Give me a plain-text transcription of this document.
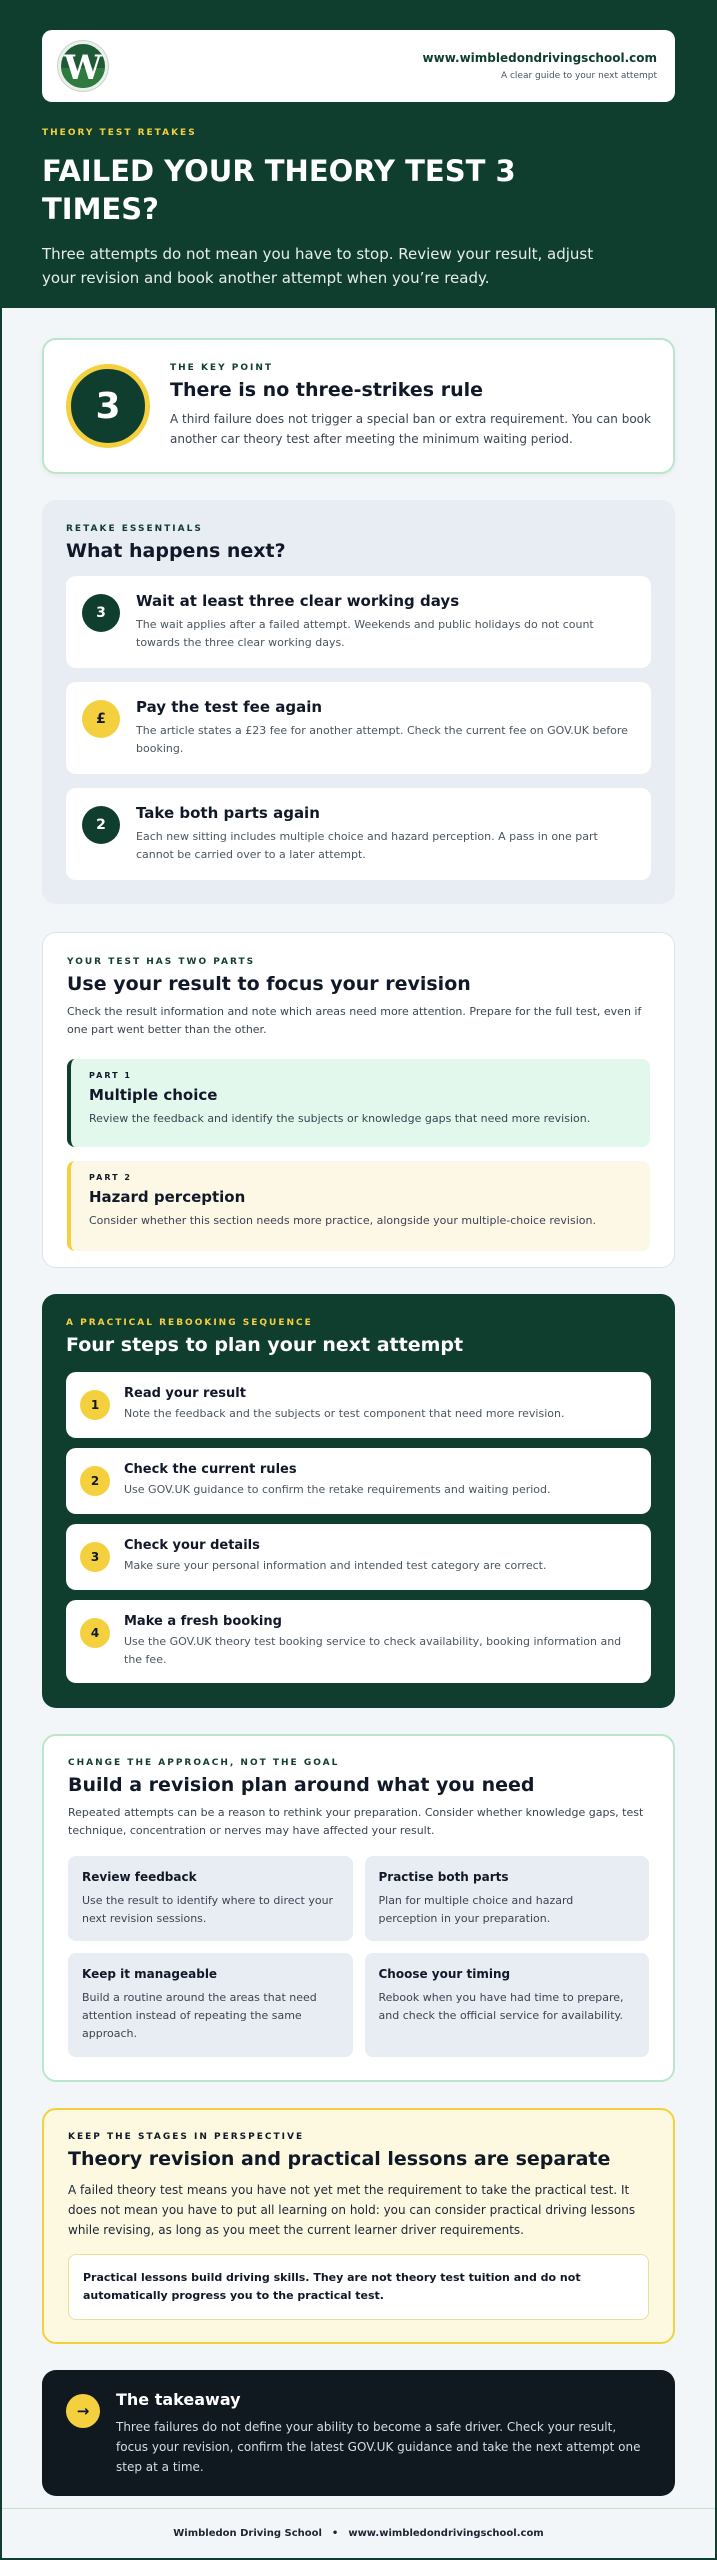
W	www.wimbledondrivingschool.com
A clear guide to your next attempt
THEORY TEST RETAKES
FAILED YOUR THEORY TEST 3 TIMES?

Three attempts do not mean you have to stop. Review your result, adjust your revision and book another attempt when you’re ready.

3
THE KEY POINT
There is no three-strikes rule

A third failure does not trigger a special ban or extra requirement. You can book another car theory test after meeting the minimum waiting period.

RETAKE ESSENTIALS
What happens next?
3
Wait at least three clear working days

The wait applies after a failed attempt. Weekends and public holidays do not count towards the three clear working days.

£
Pay the test fee again

The article states a £23 fee for another attempt. Check the current fee on GOV.UK before booking.

2
Take both parts again

Each new sitting includes multiple choice and hazard perception. A pass in one part cannot be carried over to a later attempt.

YOUR TEST HAS TWO PARTS
Use your result to focus your revision

Check the result information and note which areas need more attention. Prepare for the full test, even if one part went better than the other.

PART 1
Multiple choice

Review the feedback and identify the subjects or knowledge gaps that need more revision.

PART 2
Hazard perception

Consider whether this section needs more practice, alongside your multiple-choice revision.

A PRACTICAL REBOOKING SEQUENCE
Four steps to plan your next attempt
1
Read your result

Note the feedback and the subjects or test component that need more revision.

2
Check the current rules

Use GOV.UK guidance to confirm the retake requirements and waiting period.

3
Check your details

Make sure your personal information and intended test category are correct.

4
Make a fresh booking

Use the GOV.UK theory test booking service to check availability, booking information and the fee.

CHANGE THE APPROACH, NOT THE GOAL
Build a revision plan around what you need

Repeated attempts can be a reason to rethink your preparation. Consider whether knowledge gaps, test technique, concentration or nerves may have affected your result.

Review feedback

Use the result to identify where to direct your next revision sessions.

Practise both parts

Plan for multiple choice and hazard perception in your preparation.

Keep it manageable

Build a routine around the areas that need attention instead of repeating the same approach.

Choose your timing

Rebook when you have had time to prepare, and check the official service for availability.

KEEP THE STAGES IN PERSPECTIVE
Theory revision and practical lessons are separate

A failed theory test means you have not yet met the requirement to take the practical test. It does not mean you have to put all learning on hold: you can consider practical driving lessons while revising, as long as you meet the current learner driver requirements.

Practical lessons build driving skills. They are not theory test tuition and do not automatically progress you to the practical test.
→
The takeaway

Three failures do not define your ability to become a safe driver. Check your result, focus your revision, confirm the latest GOV.UK guidance and take the next attempt one step at a time.

Wimbledon Driving School • www.wimbledondrivingschool.com
